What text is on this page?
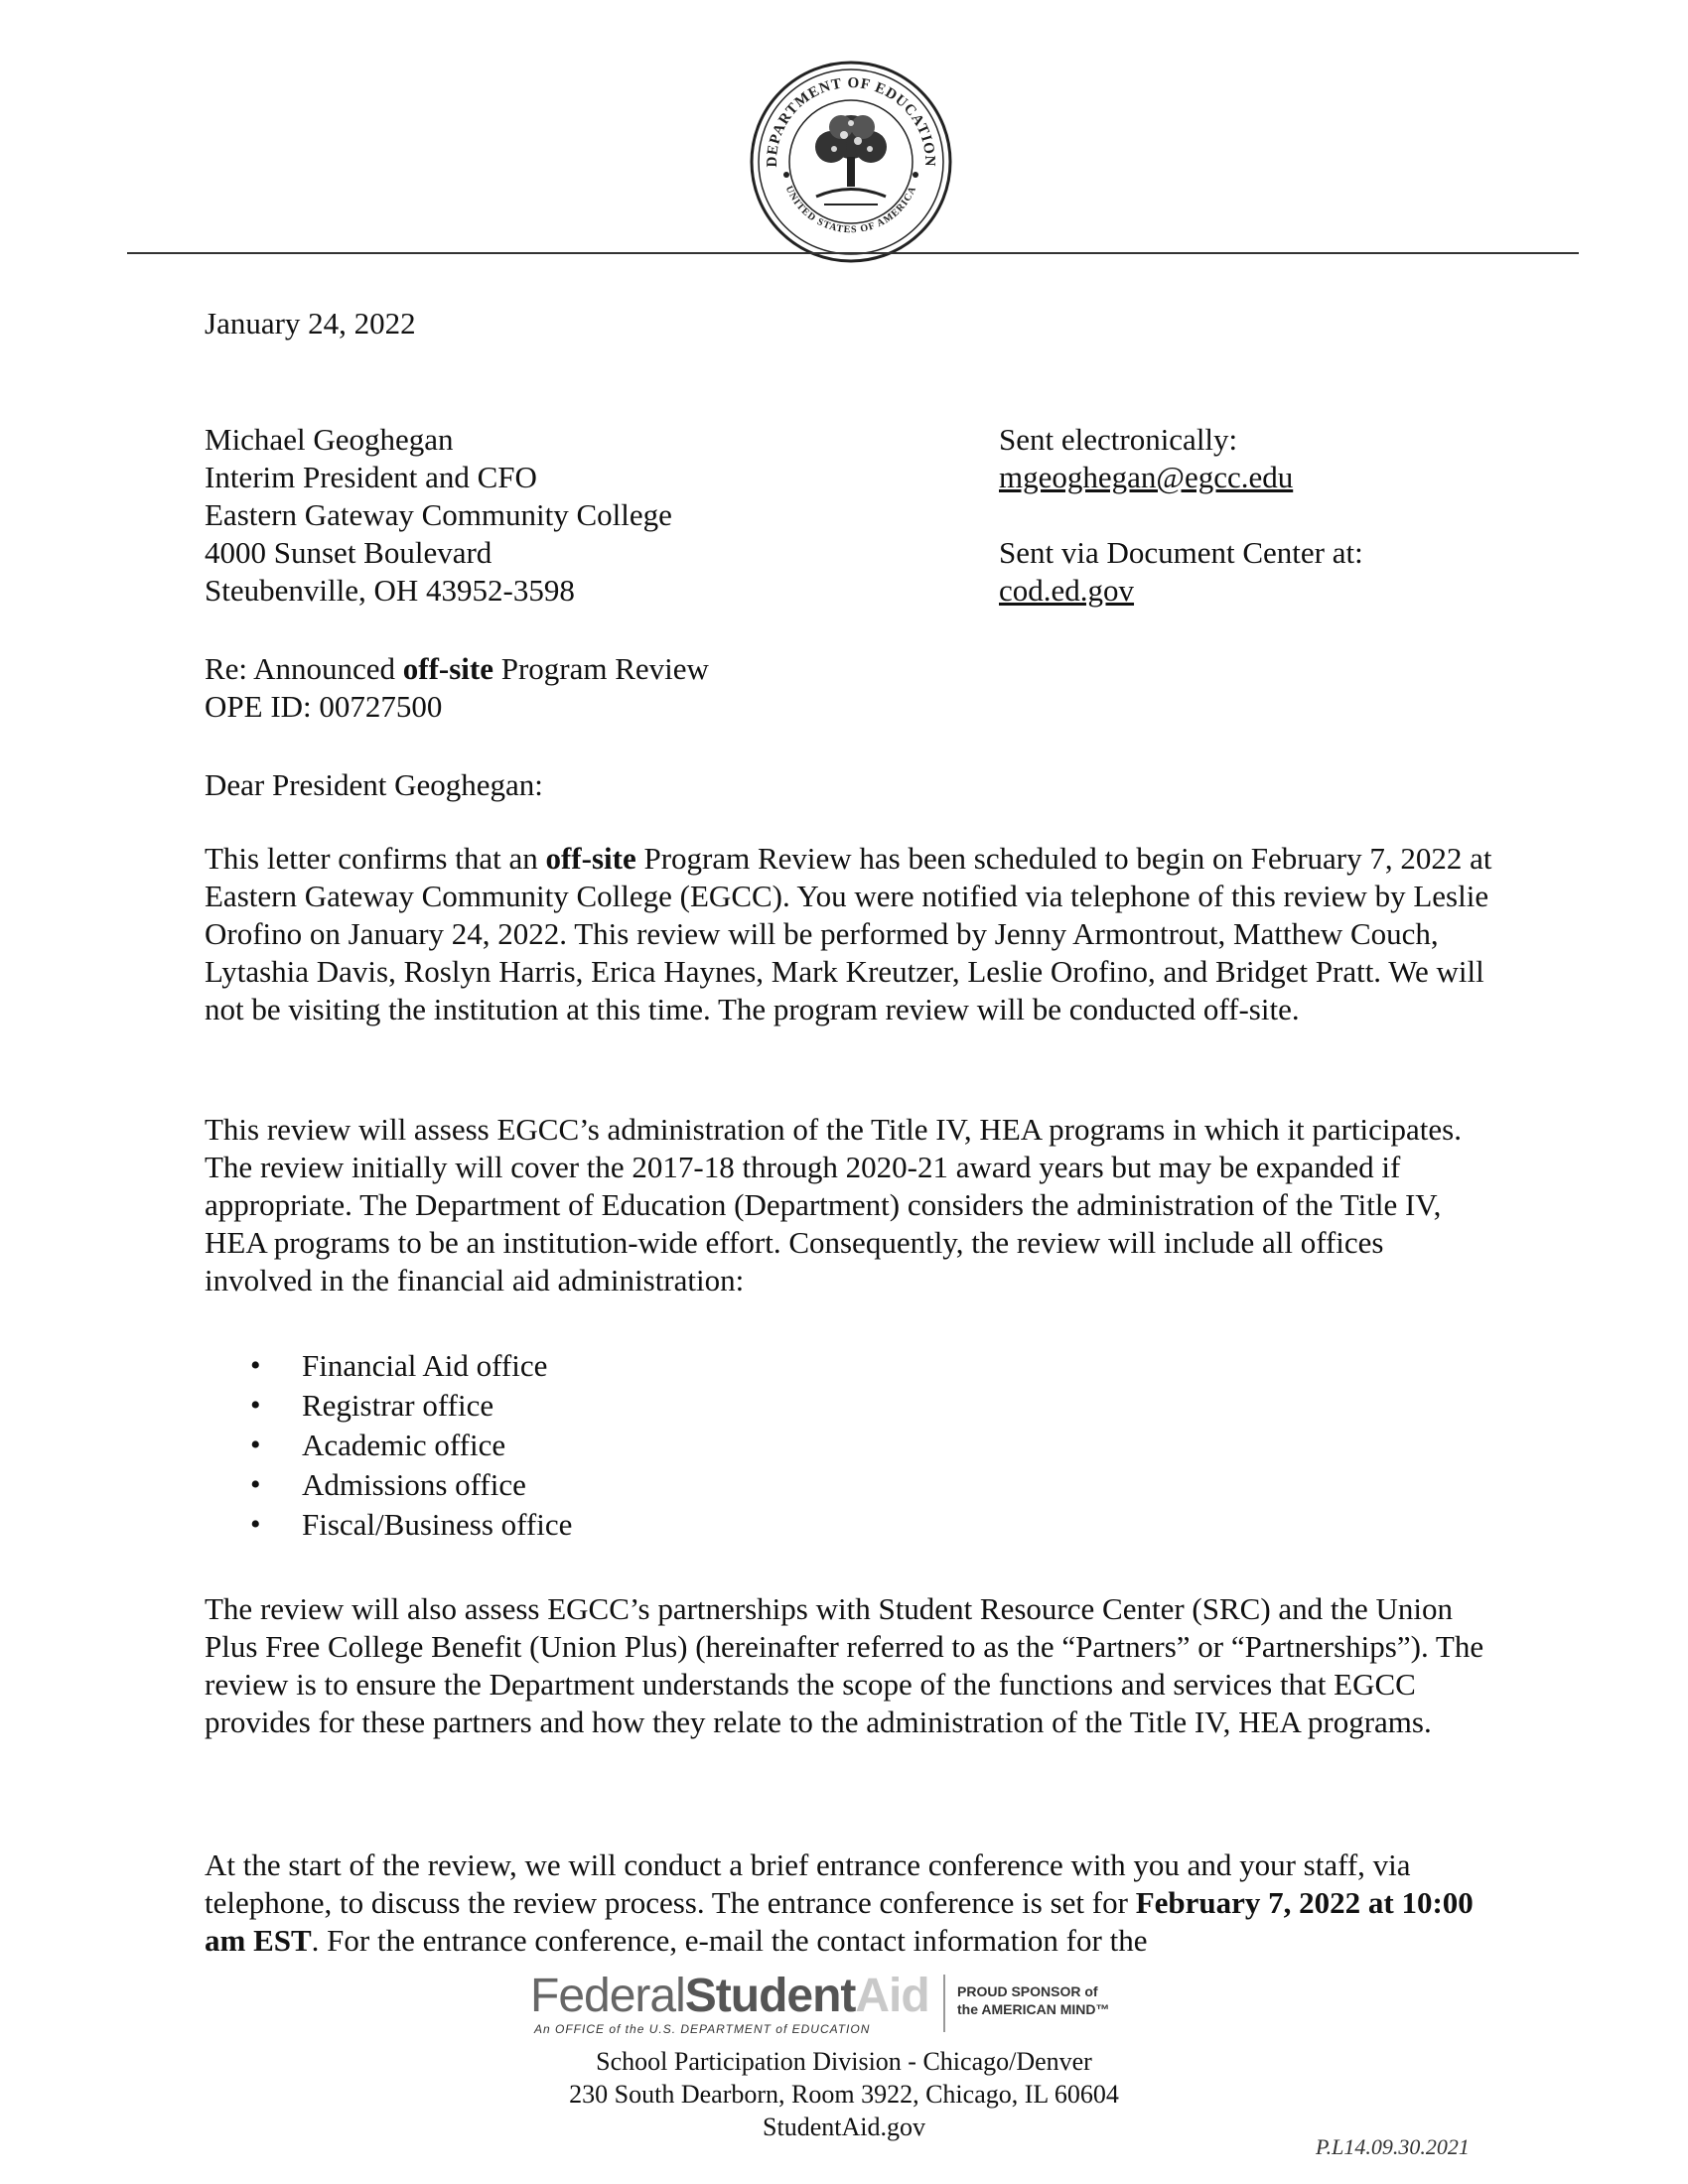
DEPARTMENT OF EDUCATION
UNITED STATES OF AMERICA
January 24, 2022
Michael Geoghegan
Interim President and CFO
Eastern Gateway Community College
4000 Sunset Boulevard
Steubenville, OH 43952-3598
Sent electronically:
mgeoghegan@egcc.edu
Sent via Document Center at:
cod.ed.gov
Re: Announced off-site Program Review
OPE ID: 00727500
Dear President Geoghegan:

This letter confirms that an off-site Program Review has been scheduled to begin on February 7, 2022 at Eastern Gateway Community College (EGCC). You were notified via telephone of this review by Leslie Orofino on January 24, 2022. This review will be performed by Jenny Armontrout, Matthew Couch, Lytashia Davis, Roslyn Harris, Erica Haynes, Mark Kreutzer, Leslie Orofino, and Bridget Pratt. We will not be visiting the institution at this time. The program review will be conducted off-site.

This review will assess EGCC’s administration of the Title IV, HEA programs in which it participates. The review initially will cover the 2017-18 through 2020-21 award years but may be expanded if appropriate. The Department of Education (Department) considers the administration of the Title IV, HEA programs to be an institution-wide effort. Consequently, the review will include all offices involved in the financial aid administration:

• Financial Aid office
• Registrar office
• Academic office
• Admissions office
• Fiscal/Business office

The review will also assess EGCC’s partnerships with Student Resource Center (SRC) and the Union Plus Free College Benefit (Union Plus) (hereinafter referred to as the “Partners” or “Partnerships”). The review is to ensure the Department understands the scope of the functions and services that EGCC provides for these partners and how they relate to the administration of the Title IV, HEA programs.

At the start of the review, we will conduct a brief entrance conference with you and your staff, via telephone, to discuss the review process. The entrance conference is set for February 7, 2022 at 10:00 am EST. For the entrance conference, e-mail the contact information for the

FederalStudentAid
An OFFICE of the U.S. DEPARTMENT of EDUCATION
PROUD SPONSOR of
the AMERICAN MIND™
School Participation Division - Chicago/Denver
230 South Dearborn, Room 3922, Chicago, IL 60604
StudentAid.gov
P.L14.09.30.2021
